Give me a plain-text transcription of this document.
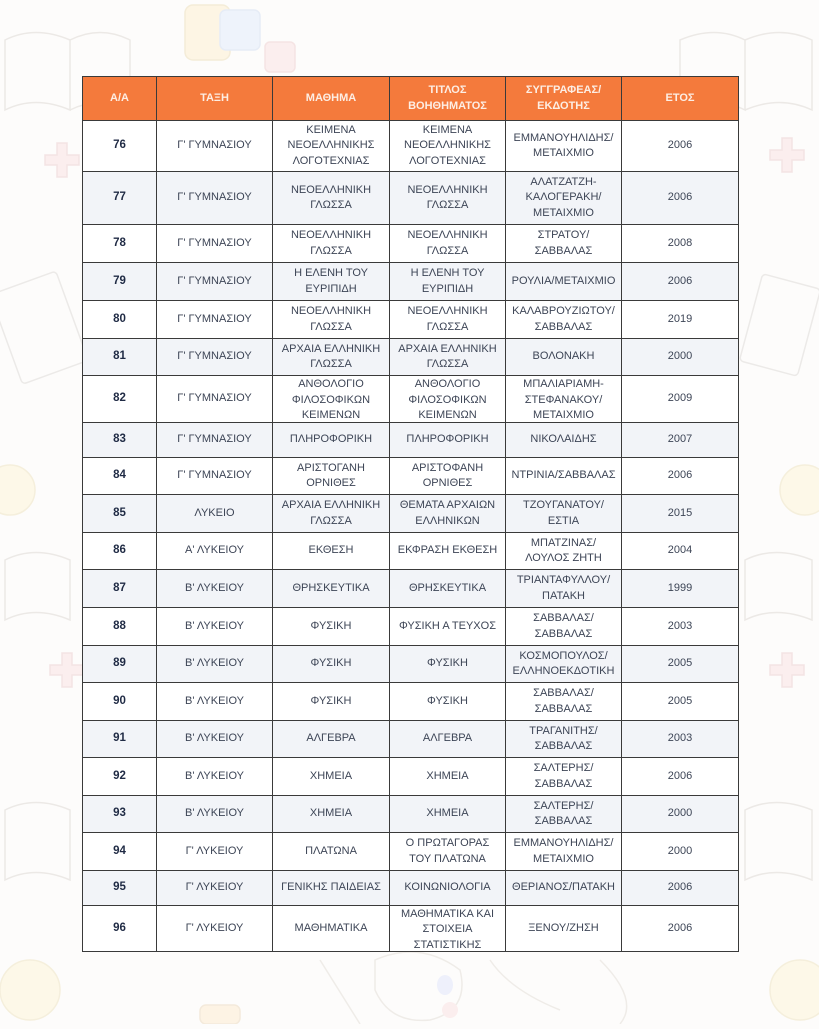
Α/Α	ΤΑΞΗ	ΜΑΘΗΜΑ	ΤΙΤΛΟΣ ΒΟΗΘΗΜΑΤΟΣ	ΣΥΓΓΡΑΦΕΑΣ/ ΕΚΔΟΤΗΣ	ΕΤΟΣ

76	Γ' ΓΥΜΝΑΣΙΟΥ	ΚΕΙΜΕΝΑ ΝΕΟΕΛΛΗΝΙΚΗΣ ΛΟΓΟΤΕΧΝΙΑΣ	ΚΕΙΜΕΝΑ ΝΕΟΕΛΛΗΝΙΚΗΣ ΛΟΓΟΤΕΧΝΙΑΣ	ΕΜΜΑΝΟΥΗΛΙΔΗΣ/ ΜΕΤΑΙΧΜΙΟ	2006

77	Γ' ΓΥΜΝΑΣΙΟΥ	ΝΕΟΕΛΛΗΝΙΚΗ ΓΛΩΣΣΑ	ΝΕΟΕΛΛΗΝΙΚΗ ΓΛΩΣΣΑ	ΑΛΑΤΖΑΤΖΗ- ΚΑΛΟΓΕΡΑΚΗ/ ΜΕΤΑΙΧΜΙΟ	2006

78	Γ' ΓΥΜΝΑΣΙΟΥ	ΝΕΟΕΛΛΗΝΙΚΗ ΓΛΩΣΣΑ	ΝΕΟΕΛΛΗΝΙΚΗ ΓΛΩΣΣΑ	ΣΤΡΑΤΟΥ/ ΣΑΒΒΑΛΑΣ	2008

79	Γ' ΓΥΜΝΑΣΙΟΥ	Η ΕΛΕΝΗ ΤΟΥ ΕΥΡΙΠΙΔΗ	Η ΕΛΕΝΗ ΤΟΥ ΕΥΡΙΠΙΔΗ	ΡΟΥΛΙΑ/ΜΕΤΑΙΧΜΙΟ	2006

80	Γ' ΓΥΜΝΑΣΙΟΥ	ΝΕΟΕΛΛΗΝΙΚΗ ΓΛΩΣΣΑ	ΝΕΟΕΛΛΗΝΙΚΗ ΓΛΩΣΣΑ	ΚΑΛΑΒΡΟΥΖΙΩΤΟΥ/ ΣΑΒΒΑΛΑΣ	2019

81	Γ' ΓΥΜΝΑΣΙΟΥ	ΑΡΧΑΙΑ ΕΛΛΗΝΙΚΗ ΓΛΩΣΣΑ	ΑΡΧΑΙΑ ΕΛΛΗΝΙΚΗ ΓΛΩΣΣΑ	ΒΟΛΟΝΑΚΗ	2000

82	Γ' ΓΥΜΝΑΣΙΟΥ	ΑΝΘΟΛΟΓΙΟ ΦΙΛΟΣΟΦΙΚΩΝ ΚΕΙΜΕΝΩΝ	ΑΝΘΟΛΟΓΙΟ ΦΙΛΟΣΟΦΙΚΩΝ ΚΕΙΜΕΝΩΝ	ΜΠΑΛΙΑΡΙΑΜΗ- ΣΤΕΦΑΝΑΚΟΥ/ ΜΕΤΑΙΧΜΙΟ	2009

83	Γ' ΓΥΜΝΑΣΙΟΥ	ΠΛΗΡΟΦΟΡΙΚΗ	ΠΛΗΡΟΦΟΡΙΚΗ	ΝΙΚΟΛΑΙΔΗΣ	2007

84	Γ' ΓΥΜΝΑΣΙΟΥ	ΑΡΙΣΤΟΓΑΝΗ ΟΡΝΙΘΕΣ	ΑΡΙΣΤΟΦΑΝΗ ΟΡΝΙΘΕΣ	ΝΤΡΙΝΙΑ/ΣΑΒΒΑΛΑΣ	2006

85	ΛΥΚΕΙΟ	ΑΡΧΑΙΑ ΕΛΛΗΝΙΚΗ ΓΛΩΣΣΑ	ΘΕΜΑΤΑ ΑΡΧΑΙΩΝ ΕΛΛΗΝΙΚΩΝ	ΤΖΟΥΓΑΝΑΤΟΥ/ ΕΣΤΙΑ	2015

86	Α' ΛΥΚΕΙΟΥ	ΕΚΘΕΣΗ	ΕΚΦΡΑΣΗ ΕΚΘΕΣΗ	ΜΠΑΤΖΙΝΑΣ/ ΛΟΥΛΟΣ ΖΗΤΗ	2004

87	Β' ΛΥΚΕΙΟΥ	ΘΡΗΣΚΕΥΤΙΚΑ	ΘΡΗΣΚΕΥΤΙΚΑ	ΤΡΙΑΝΤΑΦΥΛΛΟΥ/ ΠΑΤΑΚΗ	1999

88	Β' ΛΥΚΕΙΟΥ	ΦΥΣΙΚΗ	ΦΥΣΙΚΗ Α ΤΕΥΧΟΣ	ΣΑΒΒΑΛΑΣ/ ΣΑΒΒΑΛΑΣ	2003

89	Β' ΛΥΚΕΙΟΥ	ΦΥΣΙΚΗ	ΦΥΣΙΚΗ	ΚΟΣΜΟΠΟΥΛΟΣ/ ΕΛΛΗΝΟΕΚΔΟΤΙΚΗ	2005

90	Β' ΛΥΚΕΙΟΥ	ΦΥΣΙΚΗ	ΦΥΣΙΚΗ	ΣΑΒΒΑΛΑΣ/ ΣΑΒΒΑΛΑΣ	2005

91	Β' ΛΥΚΕΙΟΥ	ΑΛΓΕΒΡΑ	ΑΛΓΕΒΡΑ	ΤΡΑΓΑΝΙΤΗΣ/ ΣΑΒΒΑΛΑΣ	2003

92	Β' ΛΥΚΕΙΟΥ	ΧΗΜΕΙΑ	ΧΗΜΕΙΑ	ΣΑΛΤΕΡΗΣ/ ΣΑΒΒΑΛΑΣ	2006

93	Β' ΛΥΚΕΙΟΥ	ΧΗΜΕΙΑ	ΧΗΜΕΙΑ	ΣΑΛΤΕΡΗΣ/ ΣΑΒΒΑΛΑΣ	2000

94	Γ' ΛΥΚΕΙΟΥ	ΠΛΑΤΩΝΑ	Ο ΠΡΩΤΑΓΟΡΑΣ ΤΟΥ ΠΛΑΤΩΝΑ	ΕΜΜΑΝΟΥΗΛΙΔΗΣ/ ΜΕΤΑΙΧΜΙΟ	2000

95	Γ' ΛΥΚΕΙΟΥ	ΓΕΝΙΚΗΣ ΠΑΙΔΕΙΑΣ	ΚΟΙΝΩΝΙΟΛΟΓΙΑ	ΘΕΡΙΑΝΟΣ/ΠΑΤΑΚΗ	2006

96	Γ' ΛΥΚΕΙΟΥ	ΜΑΘΗΜΑΤΙΚΑ	ΜΑΘΗΜΑΤΙΚΑ ΚΑΙ ΣΤΟΙΧΕΙΑ ΣΤΑΤΙΣΤΙΚΗΣ	ΞΕΝΟΥ/ΖΗΣΗ	2006
